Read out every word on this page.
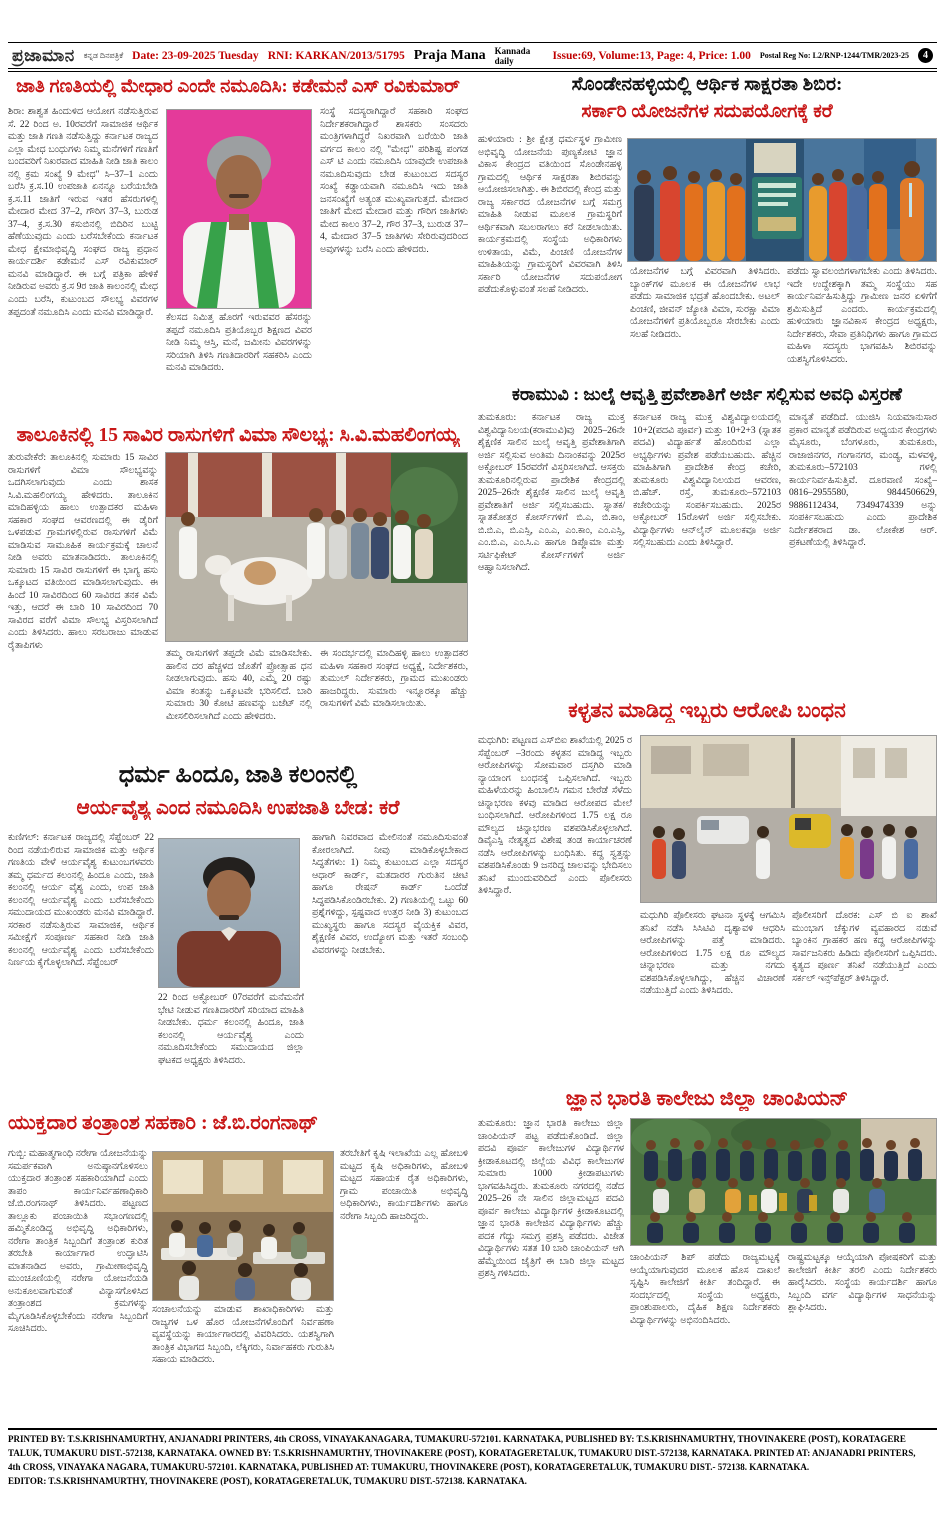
ಪ್ರಜಾಮಾನ ಕನ್ನಡ ದಿನಪತ್ರಿಕೆ Date: 23-09-2025 Tuesday RNI: KARKAN/2013/51795 Praja Mana Kannada daily	Issue:69, Volume:13, Page: 4, Price: 1.00 Postal Reg No: L2/RNP-1244/TMR/2023-25	4
ಜಾತಿ ಗಣತಿಯಲ್ಲಿ ಮೇಧಾರ ಎಂದೇ ನಮೂದಿಸಿ: ಕಡೇಮನೆ ಎಸ್ ರವಿಕುಮಾರ್
ಶಿರಾ: ಶಾಶ್ವತ ಹಿಂದುಳಿದ ಆಯೋಗ ನಡೆಸುತ್ತಿರುವ ಸೆ. 22 ರಿಂದ ಅ. 10ರವರೆಗೆ ಸಾಮಾಜಿಕ ಆರ್ಥಿಕ ಮತ್ತು ಜಾತಿ ಗಣತಿ ನಡೆಸುತ್ತಿದ್ದು ಕರ್ನಾಟಕ ರಾಜ್ಯದ ಎಲ್ಲಾ ಮೇಧ ಬಂಧುಗಳು ನಿಮ್ಮ ಮನೆಗಳಿಗೆ ಗಣತಿಗೆ ಬಂದವರಿಗೆ ನಿಖರವಾದ ಮಾಹಿತಿ ನೀಡಿ ಜಾತಿ ಕಾಲಂ ನಲ್ಲಿ ಕ್ರಮ ಸಂಖ್ಯೆ 9 ಮೇಧ" ಸಿ–37–1 ಎಂದು ಬರೆಸಿ ಕ್ರ.ಸ.10 ಉಪಜಾತಿ ಏನನ್ನೂ ಬರೆಯಬೇಡಿ ಕ್ರ.ಸ.11 ಜಾತಿಗೆ ಇರುವ ಇತರ ಹೆಸರುಗಳಲ್ಲಿ ಮೇದಾರ ಮೇದ 37–2, ಗೌರಿಗ 37–3, ಬುರುಡ 37–4, ಕ್ರ.ಸ.30 ಕಸುಬಿನಲ್ಲಿ ಬಿದಿರಿನ ಬುಟ್ಟಿ ಹೆಣೆಯುವುದು ಎಂದು ಬರೆಸಬೇಕೆಂದು ಕರ್ನಾಟಕ ಮೇಧ ಕ್ಷೇಮಾಭಿವೃದ್ಧಿ ಸಂಘದ ರಾಜ್ಯ ಪ್ರಧಾನ ಕಾರ್ಯದರ್ಶಿ ಕಡೇಮನೆ ಎಸ್ ರವಿಕುಮಾರ್ ಮನವಿ ಮಾಡಿದ್ದಾರೆ. ಈ ಬಗ್ಗೆ ಪತ್ರಿಕಾ ಹೇಳಿಕೆ ನೀಡಿರುವ ಅವರು ಕ್ರ.ಸ 9ರ ಜಾತಿ ಕಾಲಂನಲ್ಲಿ ಮೇಧ ಎಂದು ಬರೆಸಿ, ಕುಟುಂಬದ ಸೌಲಭ್ಯ ವಿವರಗಳ ತಪ್ಪದಂತೆ ನಮೂದಿಸಿ ಎಂದು ಮನವಿ ಮಾಡಿದ್ದಾರೆ.
ಕೆಲಸದ ನಿಮಿತ್ತ ಹೊರಗೆ ಇರುವವರ ಹೆಸರನ್ನು ತಪ್ಪದೆ ನಮೂದಿಸಿ ಪ್ರತಿಯೊಬ್ಬರ ಶಿಕ್ಷಣದ ವಿವರ ನೀಡಿ ನಿಮ್ಮ ಆಸ್ತಿ, ಮನೆ, ಜಮೀನು ವಿವರಗಳನ್ನು ಸರಿಯಾಗಿ ತಿಳಿಸಿ ಗಣತಿದಾರರಿಗೆ ಸಹಕರಿಸಿ ಎಂದು ಮನವಿ ಮಾಡಿದರು.
ಸಂಸ್ಥೆ ಸದಸ್ಯರಾಗಿದ್ದಾರೆ ಸಹಕಾರಿ ಸಂಘದ ನಿರ್ದೇಶಕರಾಗಿದ್ದಾರೆ ಶಾಸಕರು ಸಂಸದರು ಮಂತ್ರಿಗಳಾಗಿದ್ದರೆ ನಿಖರವಾಗಿ ಬರೆಯಿರಿ ಜಾತಿ ವರ್ಗದ ಕಾಲಂ ನಲ್ಲಿ "ಮೇಧ" ಪರಿಶಿಷ್ಟ ಪಂಗಡ ಎಸ್ ಟಿ ಎಂದು ನಮೂದಿಸಿ ಯಾವುದೇ ಉಪಜಾತಿ ನಮೂದಿಸುವುದು ಬೇಡ ಕುಟುಂಬದ ಸದಸ್ಯರ ಸಂಖ್ಯೆ ಕಡ್ಡಾಯವಾಗಿ ನಮೂದಿಸಿ ಇದು ಜಾತಿ ಜನಸಂಖ್ಯೆಗೆ ಅತ್ಯಂತ ಮುಖ್ಯವಾಗುತ್ತದೆ. ಮೇದಾರ ಜಾತಿಗೆ ಮೇದ ಮೇದಾರ ಮತ್ತು ಗೌರಿಗ ಜಾತಿಗಳು ಮೇದ ಕಾಲಂ 37–2, ಗೌರ 37–3, ಬುರುಡ 37–4, ಮೇದಾರ 37–5 ಜಾತಿಗಳು ಸೇರಿರುವುದರಿಂದ ಅವುಗಳನ್ನು ಬರೆಸಿ ಎಂದು ಹೇಳಿದರು.
ಸೊಂಡೇನಹಳ್ಳಿಯಲ್ಲಿ ಆರ್ಥಿಕ ಸಾಕ್ಷರತಾ ಶಿಬಿರ:
ಸರ್ಕಾರಿ ಯೋಜನೆಗಳ ಸದುಪಯೋಗಕ್ಕೆ ಕರೆ
ಹುಳಿಯಾರು : ಶ್ರೀ ಕ್ಷೇತ್ರ ಧರ್ಮಸ್ಥಳ ಗ್ರಾಮೀಣ ಅಭಿವೃದ್ಧಿ ಯೋಜನೆಯ ಪುಣ್ಯಕೋಟಿ ಜ್ಞಾನ ವಿಕಾಸ ಕೇಂದ್ರದ ವತಿಯಿಂದ ಸೊಂಡೇನಹಳ್ಳಿ ಗ್ರಾಮದಲ್ಲಿ ಆರ್ಥಿಕ ಸಾಕ್ಷರತಾ ಶಿಬಿರವನ್ನು ಆಯೋಜಿಸಲಾಗಿತ್ತು. ಈ ಶಿಬಿರದಲ್ಲಿ ಕೇಂದ್ರ ಮತ್ತು ರಾಜ್ಯ ಸರ್ಕಾರದ ಯೋಜನೆಗಳ ಬಗ್ಗೆ ಸಮಗ್ರ ಮಾಹಿತಿ ನೀಡುವ ಮೂಲಕ ಗ್ರಾಮಸ್ಥರಿಗೆ ಆರ್ಥಿಕವಾಗಿ ಸಬಲರಾಗಲು ಕರೆ ನೀಡಲಾಯಿತು. ಕಾರ್ಯಕ್ರಮದಲ್ಲಿ ಸಂಸ್ಥೆಯ ಅಧಿಕಾರಿಗಳು ಉಳಿತಾಯ, ವಿಮೆ, ಪಿಂಚಣಿ ಯೋಜನೆಗಳ ಮಾಹಿತಿಯನ್ನು ಗ್ರಾಮಸ್ಥರಿಗೆ ವಿವರವಾಗಿ ತಿಳಿಸಿ ಸರ್ಕಾರಿ ಯೋಜನೆಗಳ ಸದುಪಯೋಗ ಪಡೆದುಕೊಳ್ಳುವಂತೆ ಸಲಹೆ ನೀಡಿದರು.
ಯೋಜನೆಗಳ ಬಗ್ಗೆ ವಿವರವಾಗಿ ತಿಳಿಸಿದರು. ಬ್ಯಾಂಕ್‌ಗಳ ಮೂಲಕ ಈ ಯೋಜನೆಗಳ ಲಾಭ ಪಡೆದು ಸಾಮಾಜಿಕ ಭದ್ರತೆ ಹೊಂದಬೇಕು. ಅಟಲ್ ಪಿಂಚಣಿ, ಜೀವನ್ ಜ್ಯೋತಿ ವಿಮಾ, ಸುರಕ್ಷಾ ವಿಮಾ ಯೋಜನೆಗಳಿಗೆ ಪ್ರತಿಯೊಬ್ಬರೂ ಸೇರಬೇಕು ಎಂದು ಸಲಹೆ ನೀಡಿದರು.
ಪಡೆದು ಸ್ವಾವಲಂಬಿಗಳಾಗಬೇಕು ಎಂದು ತಿಳಿಸಿದರು. ಇದೇ ಉದ್ದೇಶಕ್ಕಾಗಿ ತಮ್ಮ ಸಂಸ್ಥೆಯು ಸಹ ಕಾರ್ಯನಿರ್ವಹಿಸುತ್ತಿದ್ದು ಗ್ರಾಮೀಣ ಜನರ ಏಳಿಗೆಗೆ ಶ್ರಮಿಸುತ್ತಿದೆ ಎಂದರು. ಕಾರ್ಯಕ್ರಮದಲ್ಲಿ ಹುಳಿಯಾರು ಜ್ಞಾನವಿಕಾಸ ಕೇಂದ್ರದ ಅಧ್ಯಕ್ಷರು, ನಿರ್ದೇಶಕರು, ಸೇವಾ ಪ್ರತಿನಿಧಿಗಳು ಹಾಗೂ ಗ್ರಾಮದ ಮಹಿಳಾ ಸದಸ್ಯರು ಭಾಗವಹಿಸಿ ಶಿಬಿರವನ್ನು ಯಶಸ್ವಿಗೊಳಿಸಿದರು.
ಕರಾಮುವಿ : ಜುಲೈ ಆವೃತ್ತಿ ಪ್ರವೇಶಾತಿಗೆ ಅರ್ಜಿ ಸಲ್ಲಿಸುವ ಅವಧಿ ವಿಸ್ತರಣೆ
ತುಮಕೂರು: ಕರ್ನಾಟಕ ರಾಜ್ಯ ಮುಕ್ತ ವಿಶ್ವವಿದ್ಯಾನಿಲಯ(ಕರಾಮುವಿ)ವು 2025–26ನೇ ಶೈಕ್ಷಣಿಕ ಸಾಲಿನ ಜುಲೈ ಆವೃತ್ತಿ ಪ್ರವೇಶಾತಿಗಾಗಿ ಅರ್ಜಿ ಸಲ್ಲಿಸುವ ಅಂತಿಮ ದಿನಾಂಕವನ್ನು 2025ರ ಅಕ್ಟೋಬರ್ 15ರವರೆಗೆ ವಿಸ್ತರಿಸಲಾಗಿದೆ. ಆಸಕ್ತರು ತುಮಕೂರಿನಲ್ಲಿರುವ ಪ್ರಾದೇಶಿಕ ಕೇಂದ್ರದಲ್ಲಿ 2025–26ನೇ ಶೈಕ್ಷಣಿಕ ಸಾಲಿನ ಜುಲೈ ಆವೃತ್ತಿ ಪ್ರವೇಶಾತಿಗೆ ಅರ್ಜಿ ಸಲ್ಲಿಸಬಹುದು. ಸ್ನಾತಕ/ಸ್ನಾತಕೋತ್ತರ ಕೋರ್ಸ್‌ಗಳಿಗೆ ಬಿ.ಎ, ಬಿ.ಕಾಂ, ಬಿ.ಬಿ.ಎ, ಬಿ.ಎಸ್ಸಿ, ಎಂ.ಎ, ಎಂ.ಕಾಂ, ಎಂ.ಎಸ್ಸಿ, ಎಂ.ಬಿ.ಎ, ಎಂ.ಸಿ.ಎ ಹಾಗೂ ಡಿಪ್ಲೊಮಾ ಮತ್ತು ಸರ್ಟಿಫಿಕೇಟ್ ಕೋರ್ಸ್‌ಗಳಿಗೆ ಅರ್ಜಿ ಆಹ್ವಾನಿಸಲಾಗಿದೆ.
ಕರ್ನಾಟಕ ರಾಜ್ಯ ಮುಕ್ತ ವಿಶ್ವವಿದ್ಯಾಲಯದಲ್ಲಿ 10+2(ಪದವಿ ಪೂರ್ವ) ಮತ್ತು 10+2+3 (ಸ್ನಾತಕ ಪದವಿ) ವಿದ್ಯಾರ್ಹತೆ ಹೊಂದಿರುವ ಎಲ್ಲಾ ಅಭ್ಯರ್ಥಿಗಳು ಪ್ರವೇಶ ಪಡೆಯಬಹುದು. ಹೆಚ್ಚಿನ ಮಾಹಿತಿಗಾಗಿ ಪ್ರಾದೇಶಿಕ ಕೇಂದ್ರ ಕಚೇರಿ, ತುಮಕೂರು ವಿಶ್ವವಿದ್ಯಾನಿಲಯದ ಆವರಣ, ಬಿ.ಹೆಚ್. ರಸ್ತೆ, ತುಮಕೂರು–572103 ಕಚೇರಿಯನ್ನು ಸಂಪರ್ಕಿಸಬಹುದು. 2025ರ ಅಕ್ಟೋಬರ್ 15ರೊಳಗೆ ಅರ್ಜಿ ಸಲ್ಲಿಸಬೇಕು. ವಿದ್ಯಾರ್ಥಿಗಳು ಆನ್‌ಲೈನ್ ಮೂಲಕವೂ ಅರ್ಜಿ ಸಲ್ಲಿಸಬಹುದು ಎಂದು ತಿಳಿಸಿದ್ದಾರೆ.
ಮಾನ್ಯತೆ ಪಡೆದಿದೆ. ಯುಜಿಸಿ ನಿಯಮಾನುಸಾರ ಪ್ರಕಾರ ಮಾನ್ಯತೆ ಪಡೆದಿರುವ ಅಧ್ಯಯನ ಕೇಂದ್ರಗಳು ಮೈಸೂರು, ಬೆಂಗಳೂರು, ತುಮಕೂರು, ರಾಜಾಜಿನಗರ, ಗಂಗಾನಗರ, ಮಂಡ್ಯ, ಮಳವಳ್ಳಿ, ತುಮಕೂರು–572103 ಗಳಲ್ಲಿ ಕಾರ್ಯನಿರ್ವಹಿಸುತ್ತಿವೆ. ದೂರವಾಣಿ ಸಂಖ್ಯೆ– 0816–2955580, 9844506629, 9886112434, 7349474339 ಅನ್ನು ಸಂಪರ್ಕಿಸಬಹುದು ಎಂದು ಪ್ರಾದೇಶಿಕ ನಿರ್ದೇಶಕರಾದ ಡಾ. ಲೋಕೇಶ ಆರ್. ಪ್ರಕಟಣೆಯಲ್ಲಿ ತಿಳಿಸಿದ್ದಾರೆ.
ಕಳ್ಳತನ ಮಾಡಿದ್ದ ಇಬ್ಬರು ಆರೋಪಿ ಬಂಧನ
ಮಧುಗಿರಿ: ಪಟ್ಟಣದ ಎಸ್‌ಬಿಐ ಶಾಖೆಯಲ್ಲಿ 2025 ರ ಸೆಪ್ಟೆಂಬರ್ –3ರಂದು ಕಳ್ಳತನ ಮಾಡಿದ್ದ ಇಬ್ಬರು ಆರೋಪಿಗಳನ್ನು ಸೋಮವಾರ ದಸ್ತಗಿರಿ ಮಾಡಿ ನ್ಯಾಯಾಂಗ ಬಂಧನಕ್ಕೆ ಒಪ್ಪಿಸಲಾಗಿದೆ. ಇಬ್ಬರು ಮಹಿಳೆಯರನ್ನು ಹಿಂಬಾಲಿಸಿ ಗಮನ ಬೇರೆಡೆ ಸೆಳೆದು ಚಿನ್ನಾಭರಣ ಕಳವು ಮಾಡಿದ ಆರೋಪದ ಮೇಲೆ ಬಂಧಿಸಲಾಗಿದೆ. ಆರೋಪಿಗಳಿಂದ 1.75 ಲಕ್ಷ ರೂ ಮೌಲ್ಯದ ಚಿನ್ನಾಭರಣ ವಶಪಡಿಸಿಕೊಳ್ಳಲಾಗಿದೆ. ಡಿವೈಎಸ್ಪಿ ನೇತೃತ್ವದ ವಿಶೇಷ ತಂಡ ಕಾರ್ಯಾಚರಣೆ ನಡೆಸಿ ಆರೋಪಿಗಳನ್ನು ಬಂಧಿಸಿತು. ಕದ್ದ ಸ್ವತ್ತನ್ನು ವಶಪಡಿಸಿಕೊಂಡು 9 ಜನರಿದ್ದ ಜಾಲವನ್ನು ಭೇದಿಸಲು ತನಿಖೆ ಮುಂದುವರಿದಿದೆ ಎಂದು ಪೊಲೀಸರು ತಿಳಿಸಿದ್ದಾರೆ.
ಮಧುಗಿರಿ ಪೊಲೀಸರು ಘಟನಾ ಸ್ಥಳಕ್ಕೆ ಆಗಮಿಸಿ ತನಿಖೆ ನಡೆಸಿ ಸಿಸಿಟಿವಿ ದೃಶ್ಯಾವಳಿ ಆಧರಿಸಿ ಆರೋಪಿಗಳನ್ನು ಪತ್ತೆ ಮಾಡಿದರು. ಆರೋಪಿಗಳಿಂದ 1.75 ಲಕ್ಷ ರೂ ಮೌಲ್ಯದ ಚಿನ್ನಾಭರಣ ಮತ್ತು ನಗದು ವಶಪಡಿಸಿಕೊಳ್ಳಲಾಗಿದ್ದು, ಹೆಚ್ಚಿನ ವಿಚಾರಣೆ ನಡೆಯುತ್ತಿದೆ ಎಂದು ತಿಳಿಸಿದರು.
ಪೊಲೀಸರಿಗೆ ದೊರಕ: ಎಸ್ ಬಿ ಐ ಶಾಖೆ ಮುಂಭಾಗ ಚೆಕ್ಕುಗಳ ವ್ಯವಹಾರದ ನಡುವೆ ಬ್ಯಾಂಕಿನ ಗ್ರಾಹಕರ ಹಣ ಕದ್ದ ಆರೋಪಿಗಳನ್ನು ಸಾರ್ವಜನಿಕರು ಹಿಡಿದು ಪೊಲೀಸರಿಗೆ ಒಪ್ಪಿಸಿದರು. ಕೃತ್ಯದ ಪೂರ್ಣ ತನಿಖೆ ನಡೆಯುತ್ತಿದೆ ಎಂದು ಸರ್ಕಲ್ ಇನ್ಸ್‌ಪೆಕ್ಟರ್ ತಿಳಿಸಿದ್ದಾರೆ.
ತಾಲೂಕಿನಲ್ಲಿ 15 ಸಾವಿರ ರಾಸುಗಳಿಗೆ ವಿಮಾ ಸೌಲಭ್ಯ: ಸಿ.ವಿ.ಮಹಲಿಂಗಯ್ಯ
ತುರುವೇಕೆರೆ: ತಾಲೂಕಿನಲ್ಲಿ ಸುಮಾರು 15 ಸಾವಿರ ರಾಸುಗಳಿಗೆ ವಿಮಾ ಸೌಲಭ್ಯವನ್ನು ಒದಗಿಸಲಾಗುವುದು ಎಂದು ಶಾಸಕ ಸಿ.ವಿ.ಮಹಲಿಂಗಯ್ಯ ಹೇಳಿದರು. ತಾಲೂಕಿನ ಮಾದಿಹಳ್ಳಿಯ ಹಾಲು ಉತ್ಪಾದಕರ ಮಹಿಳಾ ಸಹಕಾರ ಸಂಘದ ಆವರಣದಲ್ಲಿ ಈ ಡೈರಿಗೆ ಒಳಪಡುವ ಗ್ರಾಮಗಳಲ್ಲಿರುವ ರಾಸುಗಳಿಗೆ ವಿಮೆ ಮಾಡಿಸುವ ಸಾಮೂಹಿಕ ಕಾರ್ಯಕ್ರಮಕ್ಕೆ ಚಾಲನೆ ನೀಡಿ ಅವರು ಮಾತನಾಡಿದರು. ತಾಲೂಕಿನಲ್ಲಿ ಸುಮಾರು 15 ಸಾವಿರ ರಾಸುಗಳಿಗೆ ಈ ಭಾಗ್ಯ ಹಸು ಒಕ್ಕೂಟದ ವತಿಯಿಂದ ಮಾಡಿಸಲಾಗುವುದು. ಈ ಹಿಂದೆ 10 ಸಾವಿರದಿಂದ 60 ಸಾವಿರದ ತನಕ ವಿಮೆ ಇತ್ತು, ಆದರೆ ಈ ಬಾರಿ 10 ಸಾವಿರದಿಂದ 70 ಸಾವಿರದ ವರೆಗೆ ವಿಮಾ ಸೌಲಭ್ಯ ವಿಸ್ತರಿಸಲಾಗಿದೆ ಎಂದು ತಿಳಿಸಿದರು. ಹಾಲು ಸರಬರಾಜು ಮಾಡುವ ರೈತಾಪಿಗಳು
ತಮ್ಮ ರಾಸುಗಳಿಗೆ ತಪ್ಪದೇ ವಿಮೆ ಮಾಡಿಸಬೇಕು. ಹಾಲಿನ ದರ ಹೆಚ್ಚಳದ ಜೊತೆಗೆ ಪ್ರೋತ್ಸಾಹ ಧನ ನೀಡಲಾಗುವುದು. ಹಸು 40, ಎಮ್ಮೆ 20 ರಷ್ಟು ವಿಮಾ ಕಂತನ್ನು ಒಕ್ಕೂಟವೇ ಭರಿಸಲಿದೆ. ಬಾರಿ ಸುಮಾರು 30 ಕೋಟಿ ಹಣವನ್ನು ಬಜೆಟ್ ನಲ್ಲಿ ಮೀಸಲಿರಿಸಲಾಗಿದೆ ಎಂದು ಹೇಳಿದರು.
ಈ ಸಂದರ್ಭದಲ್ಲಿ ಮಾದಿಹಳ್ಳಿ ಹಾಲು ಉತ್ಪಾದಕರ ಮಹಿಳಾ ಸಹಕಾರ ಸಂಘದ ಅಧ್ಯಕ್ಷೆ, ನಿರ್ದೇಶಕರು, ತುಮುಲ್ ನಿರ್ದೇಶಕರು, ಗ್ರಾಮದ ಮುಖಂಡರು ಹಾಜರಿದ್ದರು. ಸುಮಾರು ಇನ್ನೂರಕ್ಕೂ ಹೆಚ್ಚು ರಾಸುಗಳಿಗೆ ವಿಮೆ ಮಾಡಿಸಲಾಯಿತು.
ಧರ್ಮ ಹಿಂದೂ, ಜಾತಿ ಕಲಂನಲ್ಲಿ
ಆರ್ಯವೈಶ್ಯ ಎಂದ ನಮೂದಿಸಿ ಉಪಜಾತಿ ಬೇಡ: ಕರೆ
ಕುಣಿಗಲ್: ಕರ್ನಾಟಕ ರಾಜ್ಯದಲ್ಲಿ ಸೆಪ್ಟೆಂಬರ್ 22 ರಿಂದ ನಡೆಯಲಿರುವ ಸಾಮಾಜಿಕ ಮತ್ತು ಆರ್ಥಿಕ ಗಣತಿಯ ವೇಳೆ ಆರ್ಯವೈಶ್ಯ ಕುಟುಂಬಗಳವರು ತಮ್ಮ ಧರ್ಮದ ಕಲಂನಲ್ಲಿ ಹಿಂದೂ ಎಂದು, ಜಾತಿ ಕಲಂನಲ್ಲಿ ಆರ್ಯ ವೈಶ್ಯ ಎಂದು, ಉಪ ಜಾತಿ ಕಲಂನಲ್ಲಿ ಆರ್ಯವೈಶ್ಯ ಎಂದು ಬರೆಸಬೇಕೆಂದು ಸಮುದಾಯದ ಮುಖಂಡರು ಮನವಿ ಮಾಡಿದ್ದಾರೆ. ಸರಕಾರ ನಡೆಸುತ್ತಿರುವ ಸಾಮಾಜಿಕ, ಆರ್ಥಿಕ ಸಮೀಕ್ಷೆಗೆ ಸಂಪೂರ್ಣ ಸಹಕಾರ ನೀಡಿ ಜಾತಿ ಕಲಂನಲ್ಲಿ ಆರ್ಯವೈಶ್ಯ ಎಂದು ಬರೆಸಬೇಕೆಂದು ನಿರ್ಣಯ ಕೈಗೊಳ್ಳಲಾಗಿದೆ. ಸೆಪ್ಟೆಂಬರ್
22 ರಿಂದ ಅಕ್ಟೋಬರ್ 07ರವರೆಗೆ ಮನೆಮನೆಗೆ ಭೇಟಿ ನೀಡುವ ಗಣತಿದಾರರಿಗೆ ಸರಿಯಾದ ಮಾಹಿತಿ ನೀಡಬೇಕು. ಧರ್ಮ ಕಲಂನಲ್ಲಿ ಹಿಂದೂ, ಜಾತಿ ಕಲಂನಲ್ಲಿ ಆರ್ಯವೈಶ್ಯ ಎಂದು ನಮೂದಿಸಬೇಕೆಂದು ಸಮುದಾಯದ ಜಿಲ್ಲಾ ಘಟಕದ ಅಧ್ಯಕ್ಷರು ತಿಳಿಸಿದರು.
ಹಾಗಾಗಿ ನಿವರವಾದ ಮೇಲಿನಂತೆ ನಮೂದಿಸುವಂತೆ ಕೋರಲಾಗಿದೆ. ನೀವು ಮಾಡಿಕೊಳ್ಳಬೇಕಾದ ಸಿದ್ಧತೆಗಳು: 1) ನಿಮ್ಮ ಕುಟುಂಬದ ಎಲ್ಲಾ ಸದಸ್ಯರ ಆಧಾರ್ ಕಾರ್ಡ್, ಮತದಾರರ ಗುರುತಿನ ಚೀಟಿ ಹಾಗೂ ರೇಷನ್ ಕಾರ್ಡ್ ಒಂದೆಡೆ ಸಿದ್ಧಪಡಿಸಿಕೊಂಡಿರಬೇಕು. 2) ಗಣತಿಯಲ್ಲಿ ಒಟ್ಟು 60 ಪ್ರಶ್ನೆಗಳಿದ್ದು, ಸ್ಪಷ್ಟವಾದ ಉತ್ತರ ನೀಡಿ 3) ಕುಟುಂಬದ ಮುಖ್ಯಸ್ಥರು ಹಾಗೂ ಸದಸ್ಯರ ವೈಯಕ್ತಿಕ ವಿವರ, ಶೈಕ್ಷಣಿಕ ವಿವರ, ಉದ್ಯೋಗ ಮತ್ತು ಇತರೆ ಸಂಬಂಧಿ ವಿವರಗಳನ್ನು ನೀಡಬೇಕು.
ಯುಕ್ತದಾರ ತಂತ್ರಾಂಶ ಸಹಕಾರಿ : ಜೆ.ಬಿ.ರಂಗನಾಥ್
ಗುಬ್ಬಿ: ಮಹಾತ್ಮಗಾಂಧಿ ನರೇಗಾ ಯೋಜನೆಯನ್ನು ಸಮರ್ಪಕವಾಗಿ ಅನುಷ್ಠಾನಗೊಳಿಸಲು ಯುಕ್ತದಾರ ತಂತ್ರಾಂಶ ಸಹಕಾರಿಯಾಗಿದೆ ಎಂದು ತಾಪಂ ಕಾರ್ಯನಿರ್ವಹಣಾಧಿಕಾರಿ ಜೆ.ಬಿ.ರಂಗನಾಥ್ ತಿಳಿಸಿದರು. ಪಟ್ಟಣದ ತಾಲ್ಲೂಕು ಪಂಚಾಯಿತಿ ಸಭಾಂಗಣದಲ್ಲಿ ಹಮ್ಮಿಕೊಂಡಿದ್ದ ಅಭಿವೃದ್ಧಿ ಅಧಿಕಾರಿಗಳು, ನರೇಗಾ ತಾಂತ್ರಿಕ ಸಿಬ್ಬಂದಿಗೆ ತಂತ್ರಾಂಶ ಕುರಿತ ತರಬೇತಿ ಕಾರ್ಯಾಗಾರ ಉದ್ಘಾಟಿಸಿ ಮಾತನಾಡಿದ ಅವರು, ಗ್ರಾಮೀಣಾಭಿವೃದ್ಧಿ ಮುಂಚೂಣಿಯಲ್ಲಿ ನರೇಗಾ ಯೋಜನೆಯಡಿ ಅನುಕೂಲವಾಗುವಂತೆ ವಿನ್ಯಾಸಗೊಳಿಸಿದ ತಂತ್ರಾಂಶದ ಕ್ರಮಗಳನ್ನು ಮೈಗೂಡಿಸಿಕೊಳ್ಳಬೇಕೆಂದು ನರೇಗಾ ಸಿಬ್ಬಂದಿಗೆ ಸೂಚಿಸಿದರು.
ಸಂಚಾಲನೆಯನ್ನು ಮಾಡುವ ಶಾಖಾಧಿಕಾರಿಗಳು ಮತ್ತು ರಾಜ್ಯಗಳ ಒಳ ಹೊರ ಯೋಜನೆಗಳೊಂದಿಗೆ ನಿರ್ವಹಣಾ ವ್ಯವಸ್ಥೆಯನ್ನು ಕಾರ್ಯಾಗಾರದಲ್ಲಿ ವಿವರಿಸಿದರು. ಯಶಸ್ವಿಗಾಗಿ ತಾಂತ್ರಿಕ ವಿಭಾಗದ ಸಿಬ್ಬಂದಿ, ಲೆಕ್ಕಿಗರು, ನಿರ್ವಾಹಕರು ಗುರುತಿಸಿ ಸಹಾಯ ಮಾಡಿದರು.
ತರಬೇತಿಗೆ ಕೃಷಿ ಇಲಾಖೆಯ ಎಲ್ಲ ಹೋಬಳಿ ಮಟ್ಟದ ಕೃಷಿ ಅಧಿಕಾರಿಗಳು, ಹೋಬಳಿ ಮಟ್ಟದ ಸಹಾಯಕ ರೈತ ಅಧಿಕಾರಿಗಳು, ಗ್ರಾಮ ಪಂಚಾಯಿತಿ ಅಭಿವೃದ್ಧಿ ಅಧಿಕಾರಿಗಳು, ಕಾರ್ಯದರ್ಶಿಗಳು ಹಾಗೂ ನರೇಗಾ ಸಿಬ್ಬಂದಿ ಹಾಜರಿದ್ದರು.
ಜ್ಞಾನ ಭಾರತಿ ಕಾಲೇಜು ಜಿಲ್ಲಾ ಚಾಂಪಿಯನ್
ತುಮಕೂರು: ಜ್ಞಾನ ಭಾರತಿ ಕಾಲೇಜು ಜಿಲ್ಲಾ ಚಾಂಪಿಯನ್ ಪಟ್ಟ ಪಡೆದುಕೊಂಡಿದೆ. ಜಿಲ್ಲಾ ಪದವಿ ಪೂರ್ವ ಕಾಲೇಜುಗಳ ವಿದ್ಯಾರ್ಥಿಗಳ ಕ್ರೀಡಾಕೂಟದಲ್ಲಿ ಜಿಲ್ಲೆಯ ವಿವಿಧ ಕಾಲೇಜುಗಳ ಸುಮಾರು 1000 ಕ್ರೀಡಾಪಟುಗಳು ಭಾಗವಹಿಸಿದ್ದರು. ತುಮಕೂರು ನಗರದಲ್ಲಿ ನಡೆದ 2025–26 ನೇ ಸಾಲಿನ ಜಿಲ್ಲಾಮಟ್ಟದ ಪದವಿ ಪೂರ್ವ ಕಾಲೇಜು ವಿದ್ಯಾರ್ಥಿಗಳ ಕ್ರೀಡಾಕೂಟದಲ್ಲಿ ಜ್ಞಾನ ಭಾರತಿ ಕಾಲೇಜಿನ ವಿದ್ಯಾರ್ಥಿಗಳು ಹೆಚ್ಚು ಪದಕ ಗೆದ್ದು ಸಮಗ್ರ ಪ್ರಶಸ್ತಿ ಪಡೆದರು. ವಿಜೇತ ವಿದ್ಯಾರ್ಥಿಗಳು ಸತತ 10 ಬಾರಿ ಚಾಂಪಿಯನ್ ಆಗಿ ಹೆಮ್ಮೆಯಿಂದ ಜೈತ್ರಿಗೆ ಈ ಬಾರಿ ಜಿಲ್ಲಾ ಮಟ್ಟದ ಪ್ರಶಸ್ತಿ ಗಳಿಸಿದರು.
ಚಾಂಪಿಯನ್ ಶಿಪ್ ಪಡೆದು ರಾಜ್ಯಮಟ್ಟಕ್ಕೆ ಆಯ್ಕೆಯಾಗುವುದರ ಮೂಲಕ ಹೊಸ ದಾಖಲೆ ಸೃಷ್ಟಿಸಿ ಕಾಲೇಜಿಗೆ ಕೀರ್ತಿ ತಂದಿದ್ದಾರೆ. ಈ ಸಂದರ್ಭದಲ್ಲಿ ಸಂಸ್ಥೆಯ ಅಧ್ಯಕ್ಷರು, ಪ್ರಾಂಶುಪಾಲರು, ದೈಹಿಕ ಶಿಕ್ಷಣ ನಿರ್ದೇಶಕರು ವಿದ್ಯಾರ್ಥಿಗಳನ್ನು ಅಭಿನಂದಿಸಿದರು.
ರಾಷ್ಟ್ರಮಟ್ಟಕ್ಕೂ ಆಯ್ಕೆಯಾಗಿ ಪೋಷಕರಿಗೆ ಮತ್ತು ಕಾಲೇಜಿಗೆ ಕೀರ್ತಿ ತರಲಿ ಎಂದು ನಿರ್ದೇಶಕರು ಹಾರೈಸಿದರು. ಸಂಸ್ಥೆಯ ಕಾರ್ಯದರ್ಶಿ ಹಾಗೂ ಸಿಬ್ಬಂದಿ ವರ್ಗ ವಿದ್ಯಾರ್ಥಿಗಳ ಸಾಧನೆಯನ್ನು ಶ್ಲಾಘಿಸಿದರು.
PRINTED BY: T.S.KRISHNAMURTHY, ANJANADRI PRINTERS, 4th CROSS, VINAYAKANAGARA, TUMAKURU-572101. KARNATAKA, PUBLISHED BY: T.S.KRISHNAMURTHY, THOVINAKERE (POST), KORATAGERE
TALUK, TUMAKURU DIST.-572138, KARNATAKA. OWNED BY: T.S.KRISHNAMURTHY, THOVINAKERE (POST), KORATAGERETALUK, TUMAKURU DIST.-572138, KARNATAKA. PRINTED AT: ANJANADRI PRINTERS,
4th CROSS, VINAYAKA NAGARA, TUMAKURU-572101. KARNATAKA, PUBLISHED AT: TUMAKURU, THOVINAKERE (POST), KORATAGERETALUK, TUMAKURU DIST.- 572138. KARNATAKA.
EDITOR: T.S.KRISHNAMURTHY, THOVINAKERE (POST), KORATAGERETALUK, TUMAKURU DIST.-572138. KARNATAKA.
